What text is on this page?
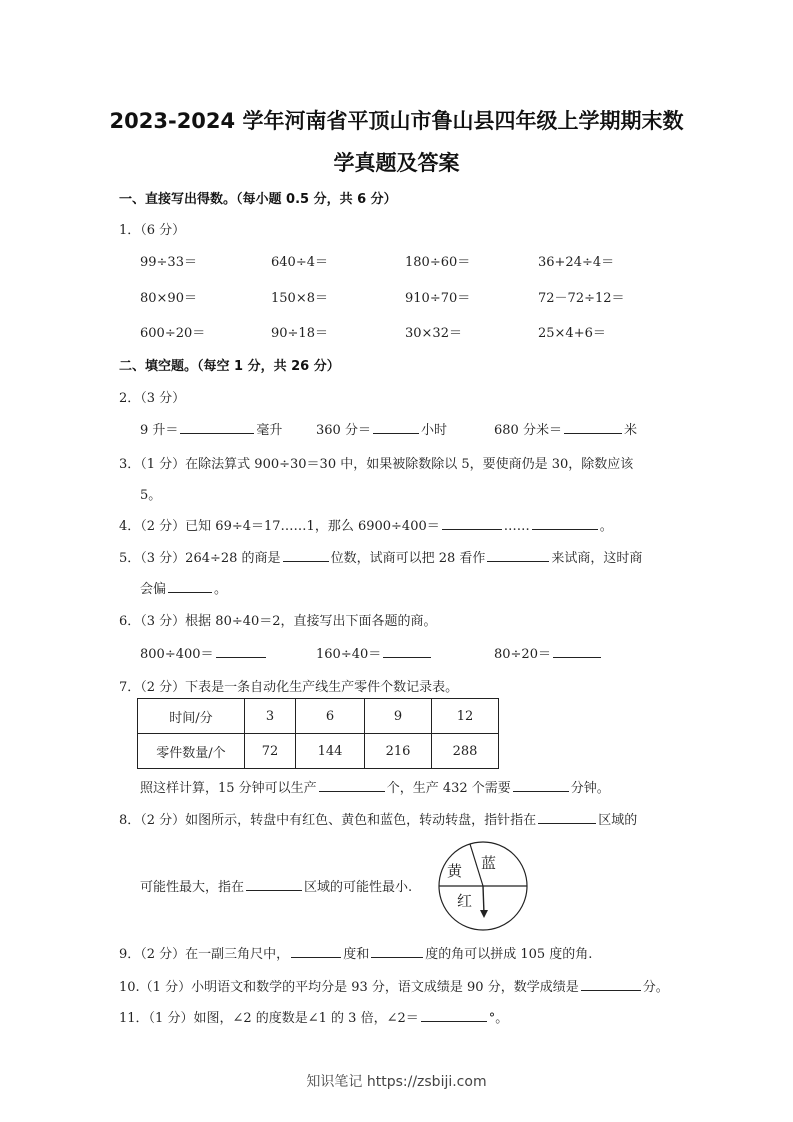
2023-2024 学年河南省平顶山市鲁山县四年级上学期期末数
学真题及答案
一、直接写出得数。（每小题 0.5 分，共 6 分）
1．（6 分）
99÷33＝	640÷4＝	180÷60＝	36+24÷4＝
80×90＝	150×8＝	910÷70＝	72－72÷12＝
600÷20＝	90÷18＝	30×32＝	25×4+6＝
二、填空题。（每空 1 分，共 26 分）
2．（3 分）
9 升＝	毫升	360 分＝	小时	680 分米＝	米
3．（1 分）在除法算式 900÷30＝30 中，如果被除数除以 5，要使商仍是 30，除数应该
5。
4．（2 分）已知 69÷4＝17……1，那么 6900÷400＝	……	。
5．（3 分）264÷28 的商是	位数，试商可以把 28 看作	来试商，这时商
会偏	。
6．（3 分）根据 80÷40＝2，直接写出下面各题的商。
800÷400＝	160÷40＝	80÷20＝
7．（2 分）下表是一条自动化生产线生产零件个数记录表。
时间/分	3	6	9	12
零件数量/个	72	144	216	288
照这样计算，15 分钟可以生产	个，生产 432 个需要	分钟。
8．（2 分）如图所示，转盘中有红色、黄色和蓝色，转动转盘，指针指在	区域的
可能性最大，指在	区域的可能性最小.
黄 蓝
红
9．（2 分）在一副三角尺中，	度和	度的角可以拼成 105 度的角.
10.（1 分）小明语文和数学的平均分是 93 分，语文成绩是 90 分，数学成绩是	分。
11．（1 分）如图，∠2 的度数是∠1 的 3 倍，∠2＝	°。
知识笔记 https://zsbiji.com
